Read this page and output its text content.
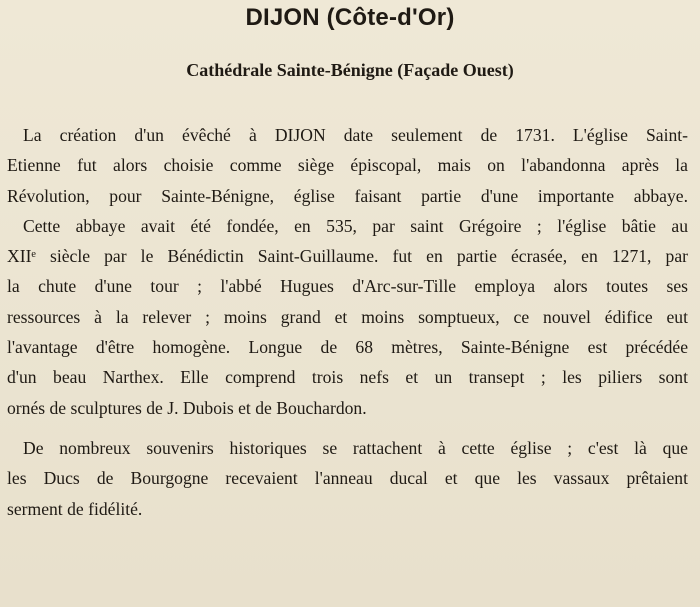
DIJON (Côte-d'Or)
Cathédrale Sainte-Bénigne (Façade Ouest)
La création d'un évêché à DIJON date seulement de 1731. L'église Saint-
Etienne fut alors choisie comme siège épiscopal, mais on l'abandonna après la
Révolution, pour Sainte-Bénigne, église faisant partie d'une importante abbaye.
Cette abbaye avait été fondée, en 535, par saint Grégoire ; l'église bâtie au
XIIᵉ siècle par le Bénédictin Saint-Guillaume. fut en partie écrasée, en 1271, par
la chute d'une tour ; l'abbé Hugues d'Arc-sur-Tille employa alors toutes ses
ressources à la relever ; moins grand et moins somptueux, ce nouvel édifice eut
l'avantage d'être homogène. Longue de 68 mètres, Sainte-Bénigne est précédée
d'un beau Narthex. Elle comprend trois nefs et un transept ; les piliers sont
ornés de sculptures de J. Dubois et de Bouchardon.
De nombreux souvenirs historiques se rattachent à cette église ; c'est là que
les Ducs de Bourgogne recevaient l'anneau ducal et que les vassaux prêtaient
serment de fidélité.
